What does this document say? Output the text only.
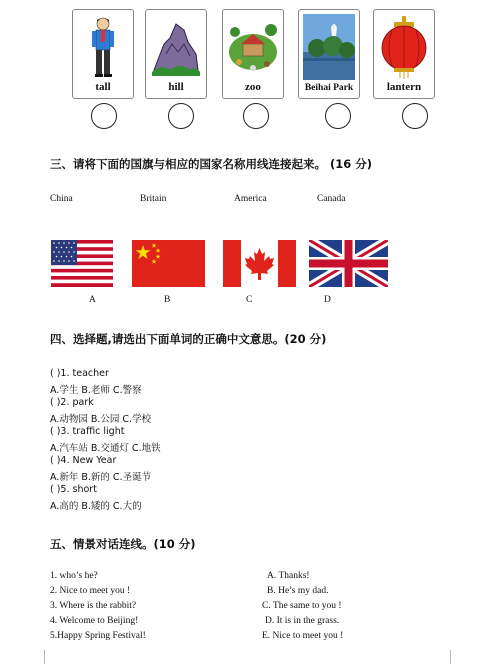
tall
.
hill	zoo	Beihai Park	lantern
三、请将下面的国旗与相应的国家名称用线连接起来。 (16 分)
China	Britain	America	Canada
A	B	C	D
四、选择题,请选出下面单词的正确中文意思。(20 分)
( )1. teacher
A.学生 B.老师 C.警察
( )2. park
A.动物园 B.公园 C.学校
( )3. traffic light
A.汽车站 B.交通灯 C.地铁
( )4. New Year
A.新年 B.新的 C.圣诞节
( )5. short
A.高的 B.矮的 C.大的
五、情景对话连线。(10 分)
1. who’s he?
2. Nice to meet you !
3. Where is the rabbit?
4. Welcome to Beijing!
5.Happy Spring Festival!
A. Thanks!
B. He’s my dad.
C. The same to you !
D. It is in the grass.
E. Nice to meet you !
